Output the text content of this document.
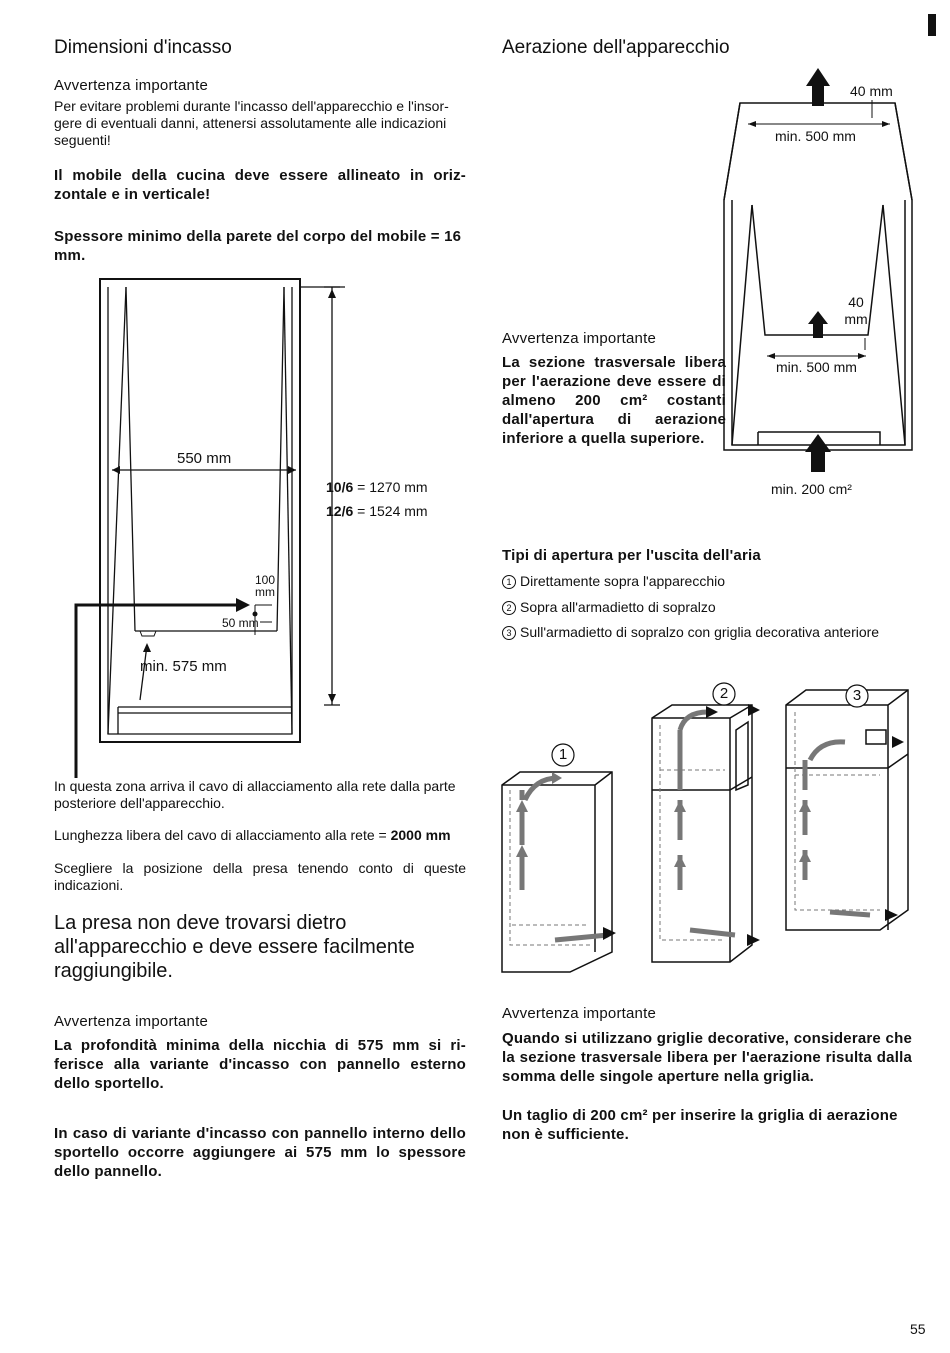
Dimensioni d'incasso
Avvertenza importante
Per evitare problemi durante l'incasso dell'apparecchio e l'insor-gere di eventuali danni, attenersi assolutamente alle indicazioni seguenti!
Il mobile della cucina deve essere allineato in oriz-zontale e in verticale!
Spessore minimo della parete del corpo del mobile = 16 mm.
550 mm
10/6 = 1270 mm
12/6 = 1524 mm
100 mm
50 mm
min. 575 mm
In questa zona arriva il cavo di allacciamento alla rete dalla parte posteriore dell'apparecchio.
Lunghezza libera del cavo di allacciamento alla rete = 2000 mm
Scegliere la posizione della presa tenendo conto di queste indicazioni.
La presa non deve trovarsi dietro all'apparecchio e deve essere facilmente raggiungibile.
Avvertenza importante
La profondità minima della nicchia di 575 mm si ri-ferisce alla variante d'incasso con pannello esterno dello sportello.
In caso di variante d'incasso con pannello interno dello sportello occorre aggiungere ai 575 mm lo spessore dello pannello.
Aerazione dell'apparecchio
40 mm
min. 500 mm
40 mm
min. 500 mm
min. 200 cm²
Avvertenza importante
La sezione trasversale libera per l'aerazione deve essere di almeno 200 cm² costanti dall'apertura di aerazione inferiore a quella superiore.
Tipi di apertura per l'uscita dell'aria
1 Direttamente sopra l'apparecchio
2 Sopra all'armadietto di sopralzo
3 Sull'armadietto di sopralzo con griglia decorativa anteriore
1
2	3
Avvertenza importante
Quando si utilizzano griglie decorative, considerare che la sezione trasversale libera per l'aerazione risulta dalla somma delle singole aperture nella griglia.
Un taglio di 200 cm² per inserire la griglia di aerazione non è sufficiente.
55
